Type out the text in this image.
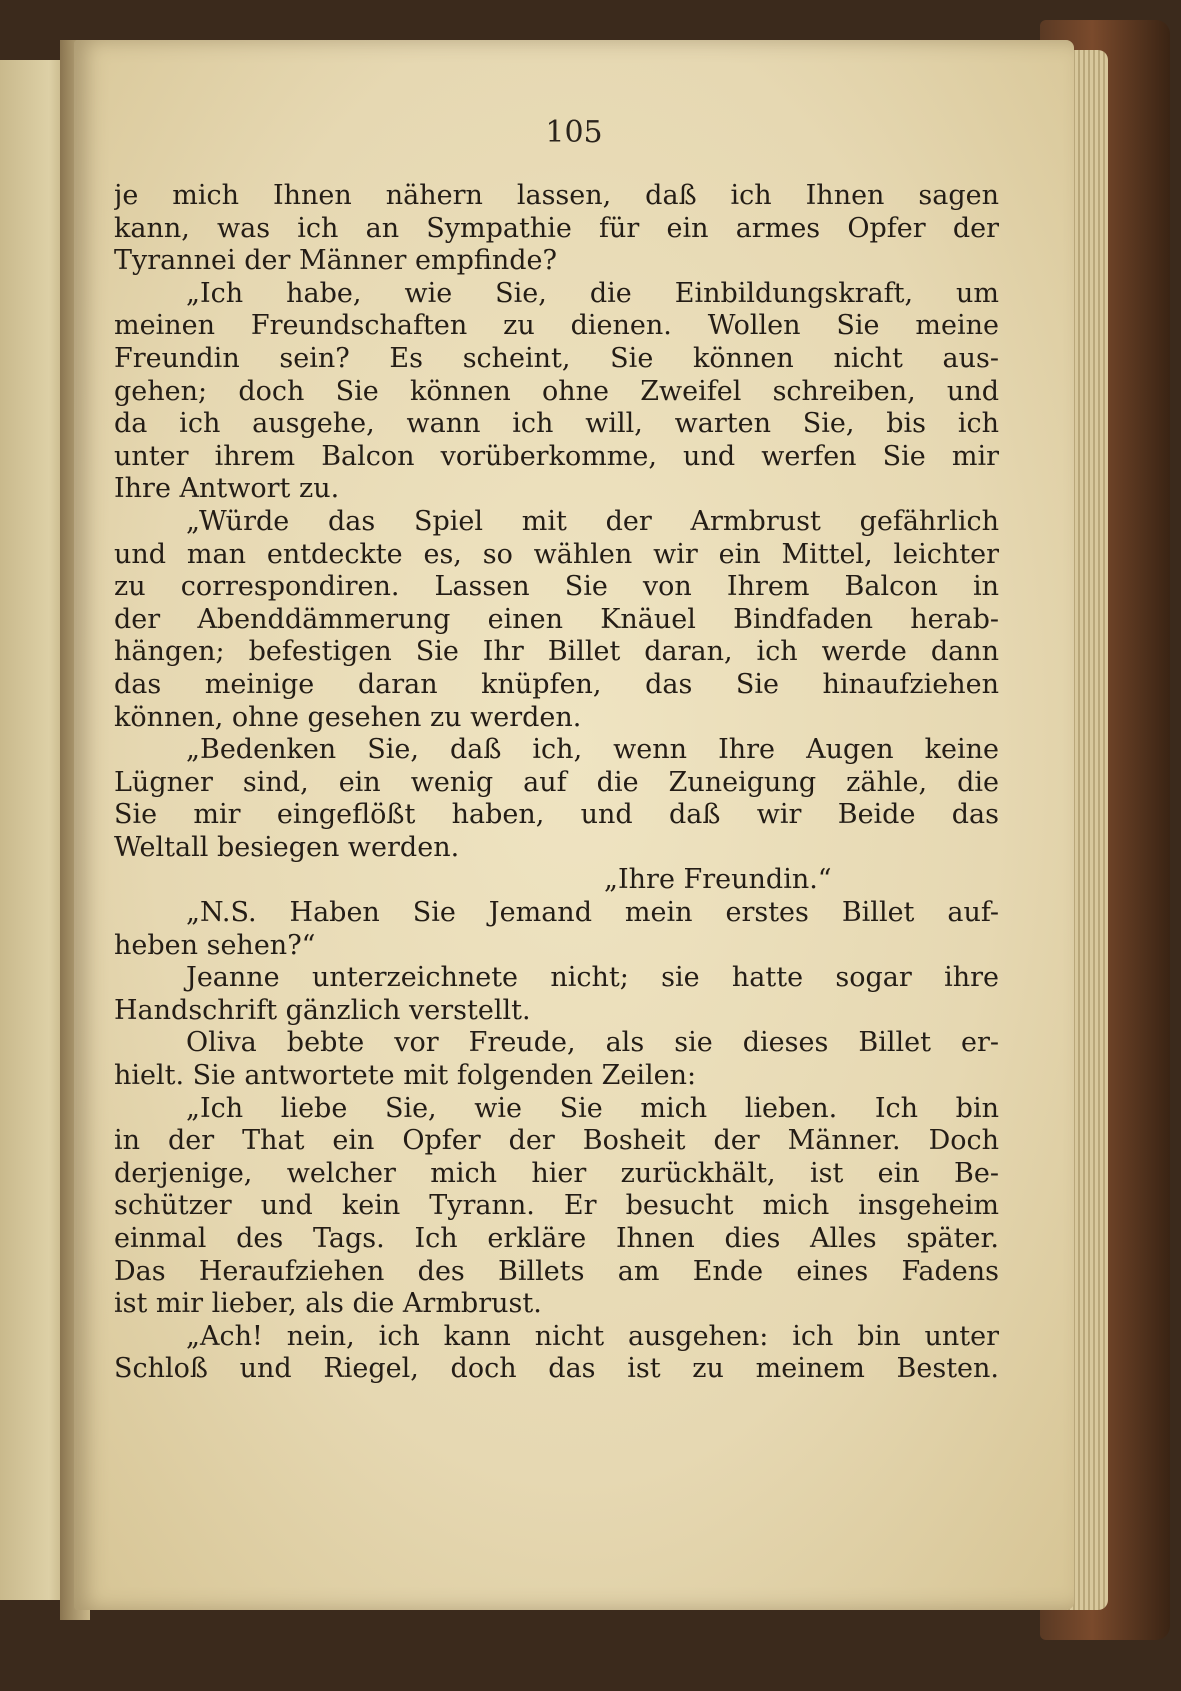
105
je mich Ihnen nähern lassen, daß ich Ihnen sagen
kann, was ich an Sympathie für ein armes Opfer der
Tyrannei der Männer empfinde?
„Ich habe, wie Sie, die Einbildungskraft, um
meinen Freundschaften zu dienen. Wollen Sie meine
Freundin sein? Es scheint, Sie können nicht aus-
gehen; doch Sie können ohne Zweifel schreiben, und
da ich ausgehe, wann ich will, warten Sie, bis ich
unter ihrem Balcon vorüberkomme, und werfen Sie mir
Ihre Antwort zu.
„Würde das Spiel mit der Armbrust gefährlich
und man entdeckte es, so wählen wir ein Mittel, leichter
zu correspondiren. Lassen Sie von Ihrem Balcon in
der Abenddämmerung einen Knäuel Bindfaden herab-
hängen; befestigen Sie Ihr Billet daran, ich werde dann
das meinige daran knüpfen, das Sie hinaufziehen
können, ohne gesehen zu werden.
„Bedenken Sie, daß ich, wenn Ihre Augen keine
Lügner sind, ein wenig auf die Zuneigung zähle, die
Sie mir eingeflößt haben, und daß wir Beide das
Weltall besiegen werden.
„Ihre Freundin.“
„N.S. Haben Sie Jemand mein erstes Billet auf-
heben sehen?“
Jeanne unterzeichnete nicht; sie hatte sogar ihre
Handschrift gänzlich verstellt.
Oliva bebte vor Freude, als sie dieses Billet er-
hielt. Sie antwortete mit folgenden Zeilen:
„Ich liebe Sie, wie Sie mich lieben. Ich bin
in der That ein Opfer der Bosheit der Männer. Doch
derjenige, welcher mich hier zurückhält, ist ein Be-
schützer und kein Tyrann. Er besucht mich insgeheim
einmal des Tags. Ich erkläre Ihnen dies Alles später.
Das Heraufziehen des Billets am Ende eines Fadens
ist mir lieber, als die Armbrust.
„Ach! nein, ich kann nicht ausgehen: ich bin unter
Schloß und Riegel, doch das ist zu meinem Besten.
